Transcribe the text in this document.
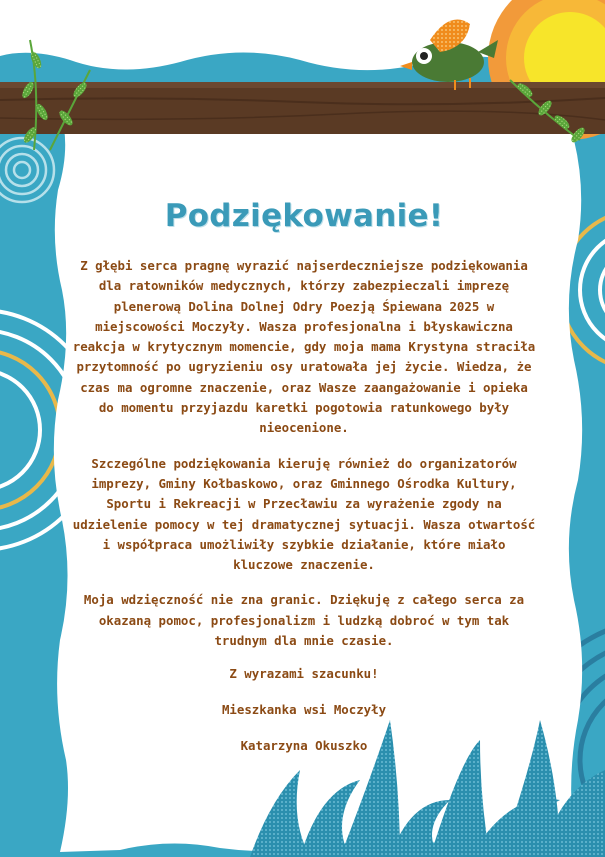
Podziękowanie!

Z głębi serca pragnę wyrazić najserdeczniejsze podziękowania dla ratowników medycznych, którzy zabezpieczali imprezę plenerową Dolina Dolnej Odry Poezją Śpiewana 2025 w miejscowości Moczyły. Wasza profesjonalna i błyskawiczna reakcja w krytycznym momencie, gdy moja mama Krystyna straciła przytomność po ugryzieniu osy uratowała jej życie. Wiedza, że czas ma ogromne znaczenie, oraz Wasze zaangażowanie i opieka do momentu przyjazdu karetki pogotowia ratunkowego były nieocenione.

Szczególne podziękowania kieruję również do organizatorów imprezy, Gminy Kołbaskowo, oraz Gminnego Ośrodka Kultury, Sportu i Rekreacji w Przecławiu za wyrażenie zgody na udzielenie pomocy w tej dramatycznej sytuacji. Wasza otwartość i współpraca umożliwiły szybkie działanie, które miało kluczowe znaczenie.

Moja wdzięczność nie zna granic. Dziękuję z całego serca za okazaną pomoc, profesjonalizm i ludzką dobroć w tym tak trudnym dla mnie czasie.

Z wyrazami szacunku!

Mieszkanka wsi Moczyły

Katarzyna Okuszko
